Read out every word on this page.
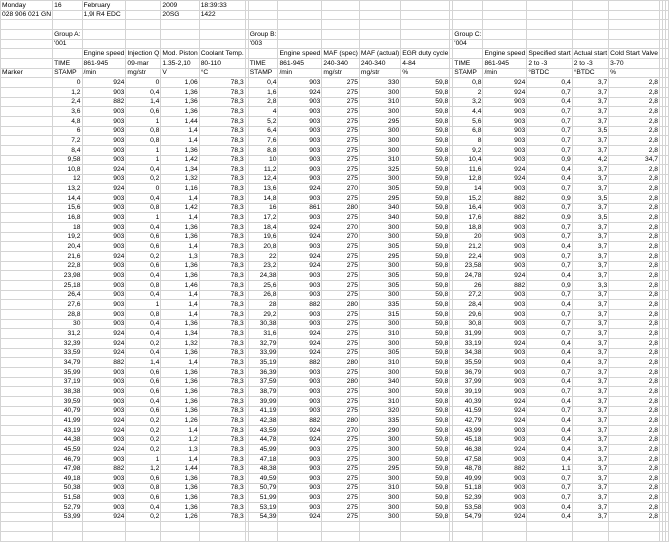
Monday	16	February		2009	18:39:33															
028 906 021 GN		1,9l R4 EDC		20SG	1422															

	Group A:						Group B:						Group C:							
	'001						'003						'004							
		Engine speed	Injection Q	Mod. Piston	Coolant Temp.			Engine speed	MAF (spec)	MAF (actual)	EGR duty cycle			Engine speed	Specified start	Actual start	Cold Start Valve			
	TIME	861-945	09-mar	1.35-2,10	80-110		TIME	861-945	240-340	240-340	4-84		TIME	861-945	2 to -3	2 to -3	3-70			
Marker	STAMP	/min	mg/str	V	°C		STAMP	/min	mg/str	mg/str	%		STAMP	/min	°BTDC	°BTDC	%			
	0	924	0	1,06	78,3		0,4	903	275	330	59,8		0,8	924	0,4	3,7	2,8			
	1,2	903	0,4	1,36	78,3		1,6	924	275	300	59,8		2	924	0,7	3,7	2,8			
	2,4	882	1,4	1,36	78,3		2,8	903	275	310	59,8		3,2	903	0,4	3,7	2,8			
	3,6	903	0,6	1,36	78,3		4	903	275	300	59,8		4,4	903	0,7	3,7	2,8			
	4,8	903	1	1,44	78,3		5,2	903	275	295	59,8		5,6	903	0,7	3,7	2,8			
	6	903	0,8	1,4	78,3		6,4	903	275	300	59,8		6,8	903	0,7	3,5	2,8			
	7,2	903	0,8	1,4	78,3		7,6	903	275	300	59,8		8	903	0,7	3,7	2,8			
	8,4	903	1	1,36	78,3		8,8	903	275	300	59,8		9,2	903	0,7	3,7	2,8			
	9,58	903	1	1,42	78,3		10	903	275	310	59,8		10,4	903	0,9	4,2	34,7			
	10,8	924	0,4	1,34	78,3		11,2	903	275	325	59,8		11,6	924	0,4	3,7	2,8			
	12	903	0,2	1,32	78,3		12,4	903	275	300	59,8		12,8	924	0,4	3,7	2,8			
	13,2	924	0	1,16	78,3		13,6	924	270	305	59,8		14	903	0,7	3,7	2,8			
	14,4	903	0,4	1,4	78,3		14,8	903	275	295	59,8		15,2	882	0,9	3,5	2,8			
	15,6	903	0,8	1,42	78,3		16	861	280	340	59,8		16,4	903	0,7	3,7	2,8			
	16,8	903	1	1,4	78,3		17,2	903	275	340	59,8		17,6	882	0,9	3,5	2,8			
	18	903	0,4	1,36	78,3		18,4	924	270	300	59,8		18,8	903	0,7	3,7	2,8			
	19,2	903	0,6	1,36	78,3		19,6	924	270	300	59,8		20	903	0,7	3,7	2,8			
	20,4	903	0,6	1,4	78,3		20,8	903	275	305	59,8		21,2	903	0,4	3,7	2,8			
	21,6	924	0,2	1,3	78,3		22	924	275	295	59,8		22,4	903	0,7	3,7	2,8			
	22,8	903	0,6	1,36	78,3		23,2	924	275	300	59,8		23,58	903	0,7	3,7	2,8			
	23,98	903	0,4	1,36	78,3		24,38	903	275	305	59,8		24,78	924	0,4	3,7	2,8			
	25,18	903	0,8	1,46	78,3		25,6	903	275	305	59,8		26	882	0,9	3,3	2,8			
	26,4	903	0,4	1,4	78,3		26,8	903	275	300	59,8		27,2	903	0,7	3,7	2,8			
	27,6	903	1	1,4	78,3		28	882	280	335	59,8		28,4	903	0,4	3,7	2,8			
	28,8	903	0,8	1,4	78,3		29,2	903	275	315	59,8		29,6	903	0,7	3,7	2,8			
	30	903	0,4	1,36	78,3		30,38	903	275	300	59,8		30,8	903	0,7	3,7	2,8			
	31,2	924	0,4	1,34	78,3		31,6	924	275	310	59,8		31,99	903	0,7	3,7	2,8			
	32,39	924	0,2	1,32	78,3		32,79	924	275	300	59,8		33,19	924	0,4	3,7	2,8			
	33,59	924	0,4	1,36	78,3		33,99	924	275	305	59,8		34,38	903	0,4	3,7	2,8			
	34,79	882	1,4	1,4	78,3		35,19	882	280	310	59,8		35,59	903	0,4	3,7	2,8			
	35,99	903	0,6	1,36	78,3		36,39	903	275	300	59,8		36,79	903	0,7	3,7	2,8			
	37,19	903	0,6	1,36	78,3		37,59	903	280	340	59,8		37,99	903	0,4	3,7	2,8			
	38,38	903	0,6	1,36	78,3		38,79	903	275	300	59,8		39,19	903	0,7	3,7	2,8			
	39,59	903	0,4	1,36	78,3		39,99	903	275	310	59,8		40,39	924	0,4	3,7	2,8			
	40,79	903	0,6	1,36	78,3		41,19	903	275	320	59,8		41,59	924	0,7	3,7	2,8			
	41,99	924	0,2	1,26	78,3		42,38	882	280	335	59,8		42,79	924	0,4	3,7	2,8			
	43,19	924	0,2	1,4	78,3		43,59	924	270	290	59,8		43,99	903	0,4	3,7	2,8			
	44,38	903	0,2	1,2	78,3		44,78	924	275	300	59,8		45,18	903	0,4	3,7	2,8			
	45,59	924	0,2	1,3	78,3		45,99	903	275	300	59,8		46,38	924	0,4	3,7	2,8			
	46,79	903	1	1,4	78,3		47,18	903	275	300	59,8		47,58	903	0,4	3,7	2,8			
	47,98	882	1,2	1,44	78,3		48,38	903	275	295	59,8		48,78	882	1,1	3,7	2,8			
	49,18	903	0,6	1,36	78,3		49,59	903	275	300	59,8		49,99	903	0,7	3,7	2,8			
	50,38	903	0,8	1,36	78,3		50,79	903	275	310	59,8		51,18	903	0,7	3,7	2,8			
	51,58	903	0,6	1,36	78,3		51,99	903	275	300	59,8		52,39	903	0,7	3,7	2,8			
	52,79	903	0,4	1,36	78,3		53,19	903	275	300	59,8		53,58	903	0,4	3,7	2,8			
	53,99	924	0,2	1,26	78,3		54,39	924	275	300	59,8		54,79	924	0,4	3,7	2,8			
